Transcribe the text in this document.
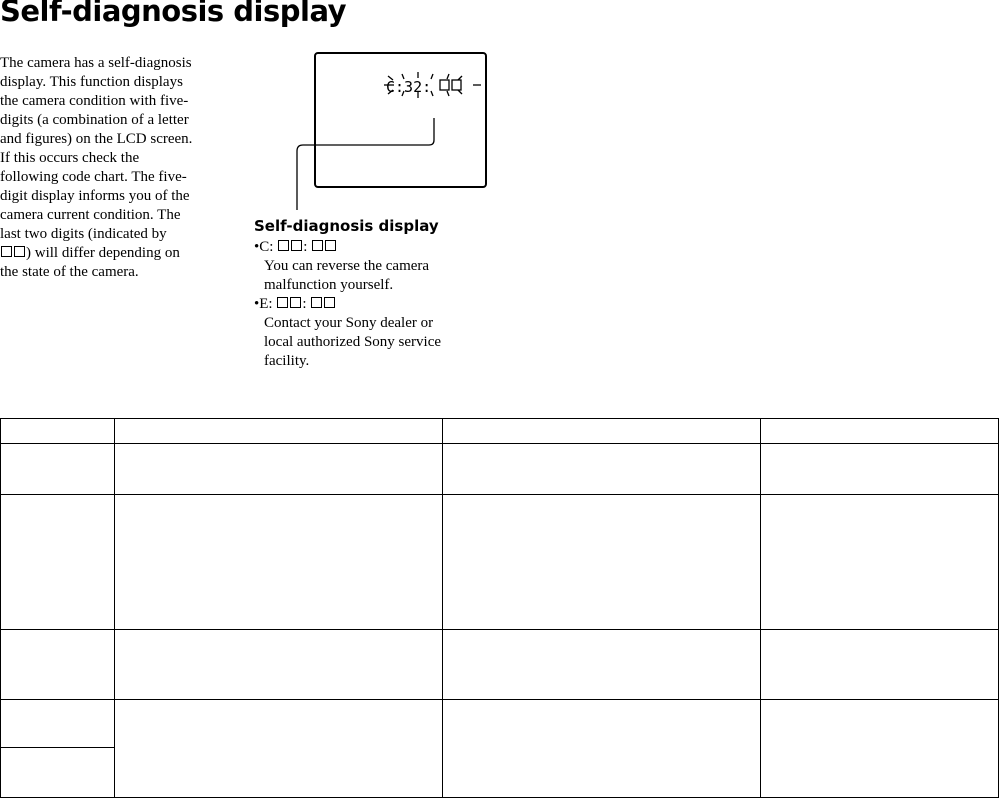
Self-diagnosis display
The camera has a self-diagnosis
display. This function displays
the camera condition with five-
digits (a combination of a letter
and figures) on the LCD screen.
If this occurs check the
following code chart. The five-
digit display informs you of the
camera current condition. The
last two digits (indicated by
) will differ depending on
the state of the camera.
C:32:
Self-diagnosis display
•C: :
You can reverse the camera
malfunction yourself.
•E: :
Contact your Sony dealer or
local authorized Sony service
facility.
